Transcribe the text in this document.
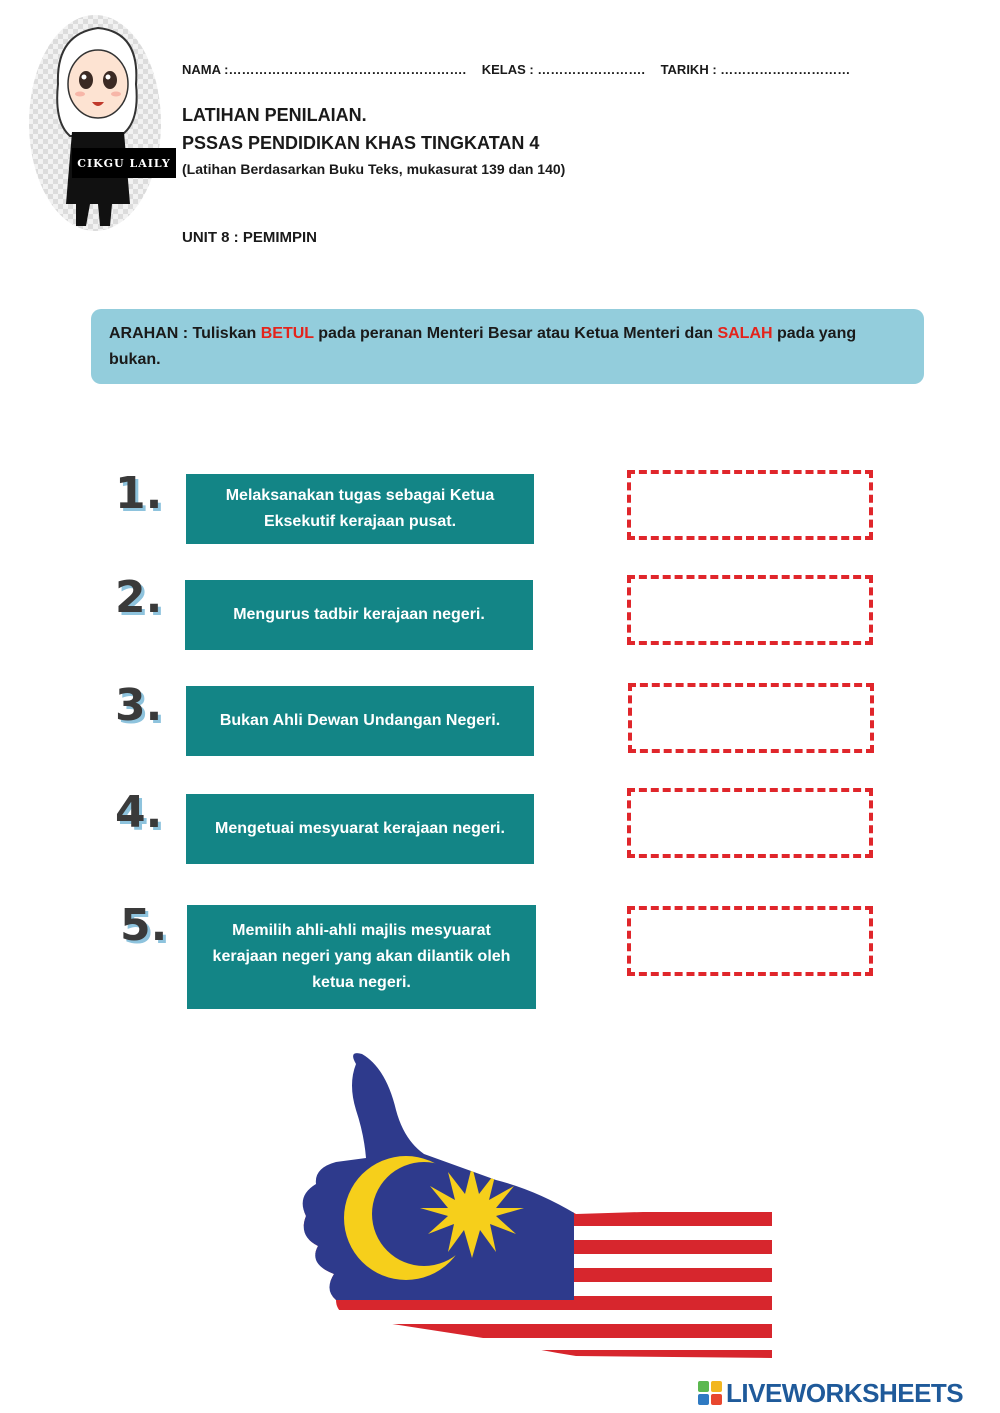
CIKGU LAILY
NAMA :………………………………………………. KELAS : ……………………. TARIKH : …………………………
LATIHAN PENILAIAN.
PSSAS PENDIDIKAN KHAS TINGKATAN 4
(Latihan Berdasarkan Buku Teks, mukasurat 139 dan 140)
UNIT 8 : PEMIMPIN
ARAHAN : Tuliskan BETUL pada peranan Menteri Besar atau Ketua Menteri dan SALAH pada yang bukan.
1.	Melaksanakan tugas sebagai Ketua Eksekutif kerajaan pusat.
2.	Mengurus tadbir kerajaan negeri.
3.	Bukan Ahli Dewan Undangan Negeri.
4.	Mengetuai mesyuarat kerajaan negeri.
5.	Memilih ahli-ahli majlis mesyuarat kerajaan negeri yang akan dilantik oleh ketua negeri.
LIVEWORKSHEETS
